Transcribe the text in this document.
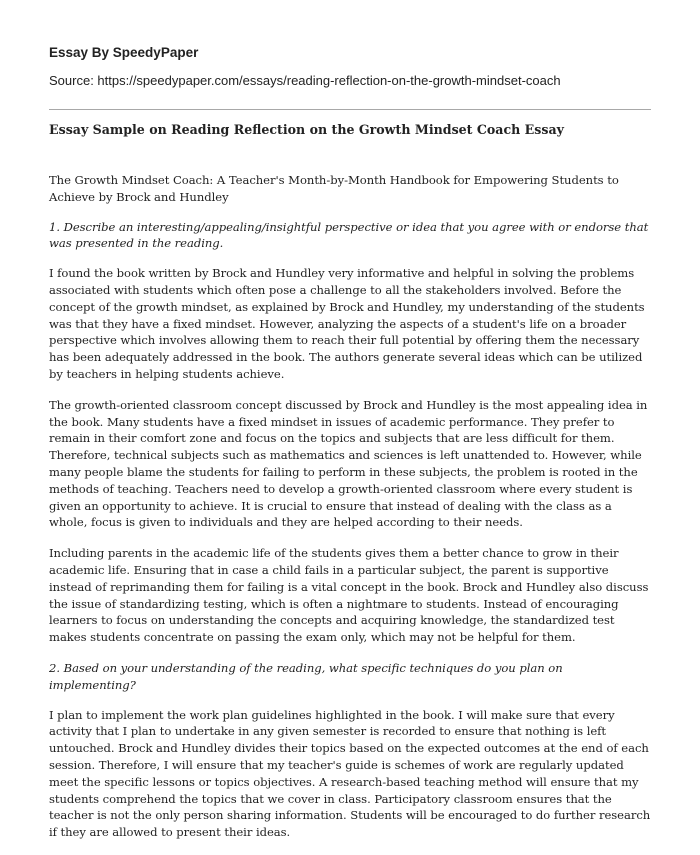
Essay By SpeedyPaper

Source: https://speedypaper.com/essays/reading-reflection-on-the-growth-mindset-coach

Essay Sample on Reading Reflection on the Growth Mindset Coach Essay

The Growth Mindset Coach: A Teacher's Month-by-Month Handbook for Empowering Students to Achieve by Brock and Hundley

1. Describe an interesting/appealing/insightful perspective or idea that you agree with or endorse that was presented in the reading.

I found the book written by Brock and Hundley very informative and helpful in solving the problems associated with students which often pose a challenge to all the stakeholders involved. Before the concept of the growth mindset, as explained by Brock and Hundley, my understanding of the students was that they have a fixed mindset. However, analyzing the aspects of a student's life on a broader perspective which involves allowing them to reach their full potential by offering them the necessary has been adequately addressed in the book. The authors generate several ideas which can be utilized by teachers in helping students achieve.

The growth-oriented classroom concept discussed by Brock and Hundley is the most appealing idea in the book. Many students have a fixed mindset in issues of academic performance. They prefer to remain in their comfort zone and focus on the topics and subjects that are less difficult for them. Therefore, technical subjects such as mathematics and sciences is left unattended to. However, while many people blame the students for failing to perform in these subjects, the problem is rooted in the methods of teaching. Teachers need to develop a growth-oriented classroom where every student is given an opportunity to achieve. It is crucial to ensure that instead of dealing with the class as a whole, focus is given to individuals and they are helped according to their needs.

Including parents in the academic life of the students gives them a better chance to grow in their academic life. Ensuring that in case a child fails in a particular subject, the parent is supportive instead of reprimanding them for failing is a vital concept in the book. Brock and Hundley also discuss the issue of standardizing testing, which is often a nightmare to students. Instead of encouraging learners to focus on understanding the concepts and acquiring knowledge, the standardized test makes students concentrate on passing the exam only, which may not be helpful for them.

2. Based on your understanding of the reading, what specific techniques do you plan on implementing?

I plan to implement the work plan guidelines highlighted in the book. I will make sure that every activity that I plan to undertake in any given semester is recorded to ensure that nothing is left untouched. Brock and Hundley divides their topics based on the expected outcomes at the end of each session. Therefore, I will ensure that my teacher's guide is schemes of work are regularly updated meet the specific lessons or topics objectives. A research-based teaching method will ensure that my students comprehend the topics that we cover in class. Participatory classroom ensures that the teacher is not the only person sharing information. Students will be encouraged to do further research if they are allowed to present their ideas.
